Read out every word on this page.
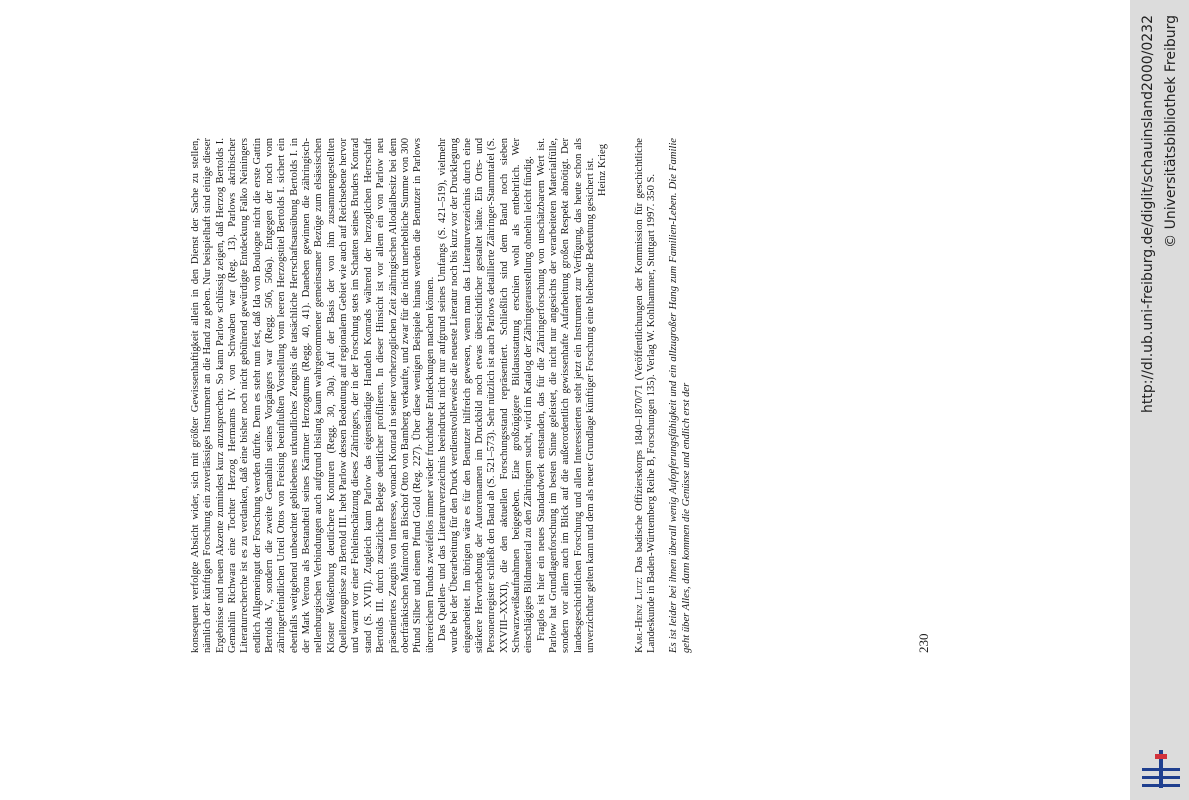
konsequent verfolgte Absicht wider, sich mit größter Gewissenhaftigkeit allein in den Dienst der Sache zu stellen, nämlich der künftigen Forschung ein zuverlässiges Instrument an die Hand zu geben. Nur beispielhaft sind einige dieser Ergebnisse und neuen Akzente zumindest kurz anzusprechen. So kann Parlow schlüssig zeigen, daß Herzog Bertolds I. Gemahlin Richwara eine Tochter Herzog Hermanns IV. von Schwaben war (Reg. 13). Parlows akribischer Literaturrecherche ist es zu verdanken, daß eine bisher noch nicht gebührend gewürdigte Entdeckung Falko Neiningers endlich Allgemeingut der Forschung werden dürfte. Denn es steht nun fest, daß Ida von Boulogne nicht die erste Gattin Bertolds V., sondern die zweite Gemahlin seines Vorgängers war (Regg. 506, 506a). Entgegen der noch vom zähringerfeindlichen Urteil Ottos von Freising beeinflußten Vorstellung vom leeren Herzogstitel Bertolds I. sichert ein ebenfalls weitgehend unbeachtet gebliebenes urkundliches Zeugnis die tatsächliche Herrschaftsausübung Bertolds I. in der Mark Verona als Bestandteil seines Kärntner Herzogtums (Regg. 40, 41). Daneben gewinnen die zähringisch-nellenburgischen Verbindungen auch aufgrund bislang kaum wahrgenommener gemeinsamer Bezüge zum elsässischen Kloster Weißenburg deutlichere Konturen (Regg. 30, 30a). Auf der Basis der von ihm zusammengestellten Quellenzeugnisse zu Bertold III. hebt Parlow dessen Bedeutung auf regionalem Gebiet wie auch auf Reichsebene hervor und warnt vor einer Fehleinschätzung dieses Zähringers, der in der Forschung stets im Schatten seines Bruders Konrad stand (S. XVII). Zugleich kann Parlow das eigenständige Handeln Konrads während der herzoglichen Herrschaft Bertolds III. durch zusätzliche Belege deutlicher profilieren. In dieser Hinsicht ist vor allem ein von Parlow neu präsentiertes Zeugnis von Interesse, wonach Konrad in seiner vorherzoglichen Zeit zähringischen Allodialbesitz bei dem oberfränkischen Mainroth an Bischof Otto von Bamberg verkaufte, und zwar für die nicht unerhebliche Summe von 300 Pfund Silber und einem Pfund Gold (Reg. 227). Über diese wenigen Beispiele hinaus werden die Benutzer in Parlows überreichem Fundus zweifellos immer wieder fruchtbare Entdeckungen machen können. Das Quellen- und das Literaturverzeichnis beeindruckt nicht nur aufgrund seines Umfangs (S. 421–519), vielmehr wurde bei der Überarbeitung für den Druck verdienstvollerweise die neueste Literatur noch bis kurz vor der Drucklegung eingearbeitet. Im übrigen wäre es für den Benutzer hilfreich gewesen, wenn man das Literaturverzeichnis durch eine stärkere Hervorhebung der Autorennamen im Druckbild noch etwas übersichtlicher gestaltet hätte. Ein Orts- und Personenregister schließt den Band ab (S. 521–573). Sehr nützlich ist auch Parlows detaillierte Zähringer-Stammtafel (S. XXVIII–XXXI), die den aktuellen Forschungsstand repräsentiert. Schließlich sind dem Band noch sieben Schwarzweißaufnahmen beigegeben. Eine großzügigere Bildausstattung erschien wohl als entbehrlich. Wer einschlägiges Bildmaterial zu den Zähringern sucht, wird im Katalog der Zähringerausstellung ohnehin leicht fündig. Fraglos ist hier ein neues Standardwerk entstanden, das für die Zähringerforschung von unschätzbarem Wert ist. Parlow hat Grundlagenforschung im besten Sinne geleistet, die nicht nur angesichts der verarbeiteten Materialfülle, sondern vor allem auch im Blick auf die außerordentlich gewissenhafte Aufarbeitung großen Respekt abnötigt. Der landesgeschichtlichen Forschung und allen Interessierten steht jetzt ein Instrument zur Verfügung, das heute schon als unverzichtbar gelten kann und dem als neuer Grundlage künftiger Forschung eine bleibende Bedeutung gesichert ist. Heinz Krieg

Karl-Heinz Lutz: Das badische Offizierskorps 1840–1870/71 (Veröffentlichungen der Kommission für geschichtliche Landeskunde in Baden-Württemberg Reihe B, Forschungen 135). Verlag W. Kohlhammer, Stuttgart 1997. 350 S. Es ist leider bei ihnen überall wenig Aufopferungsfähigkeit und ein allzugroßer Hang zum Familien-Leben. Die Familie geht über Alles, dann kommen die Genüsse und endlich erst der	230
http://dl.ub.uni-freiburg.de/diglit/schauinsland2000/0232 © Universitätsbibliothek Freiburg
